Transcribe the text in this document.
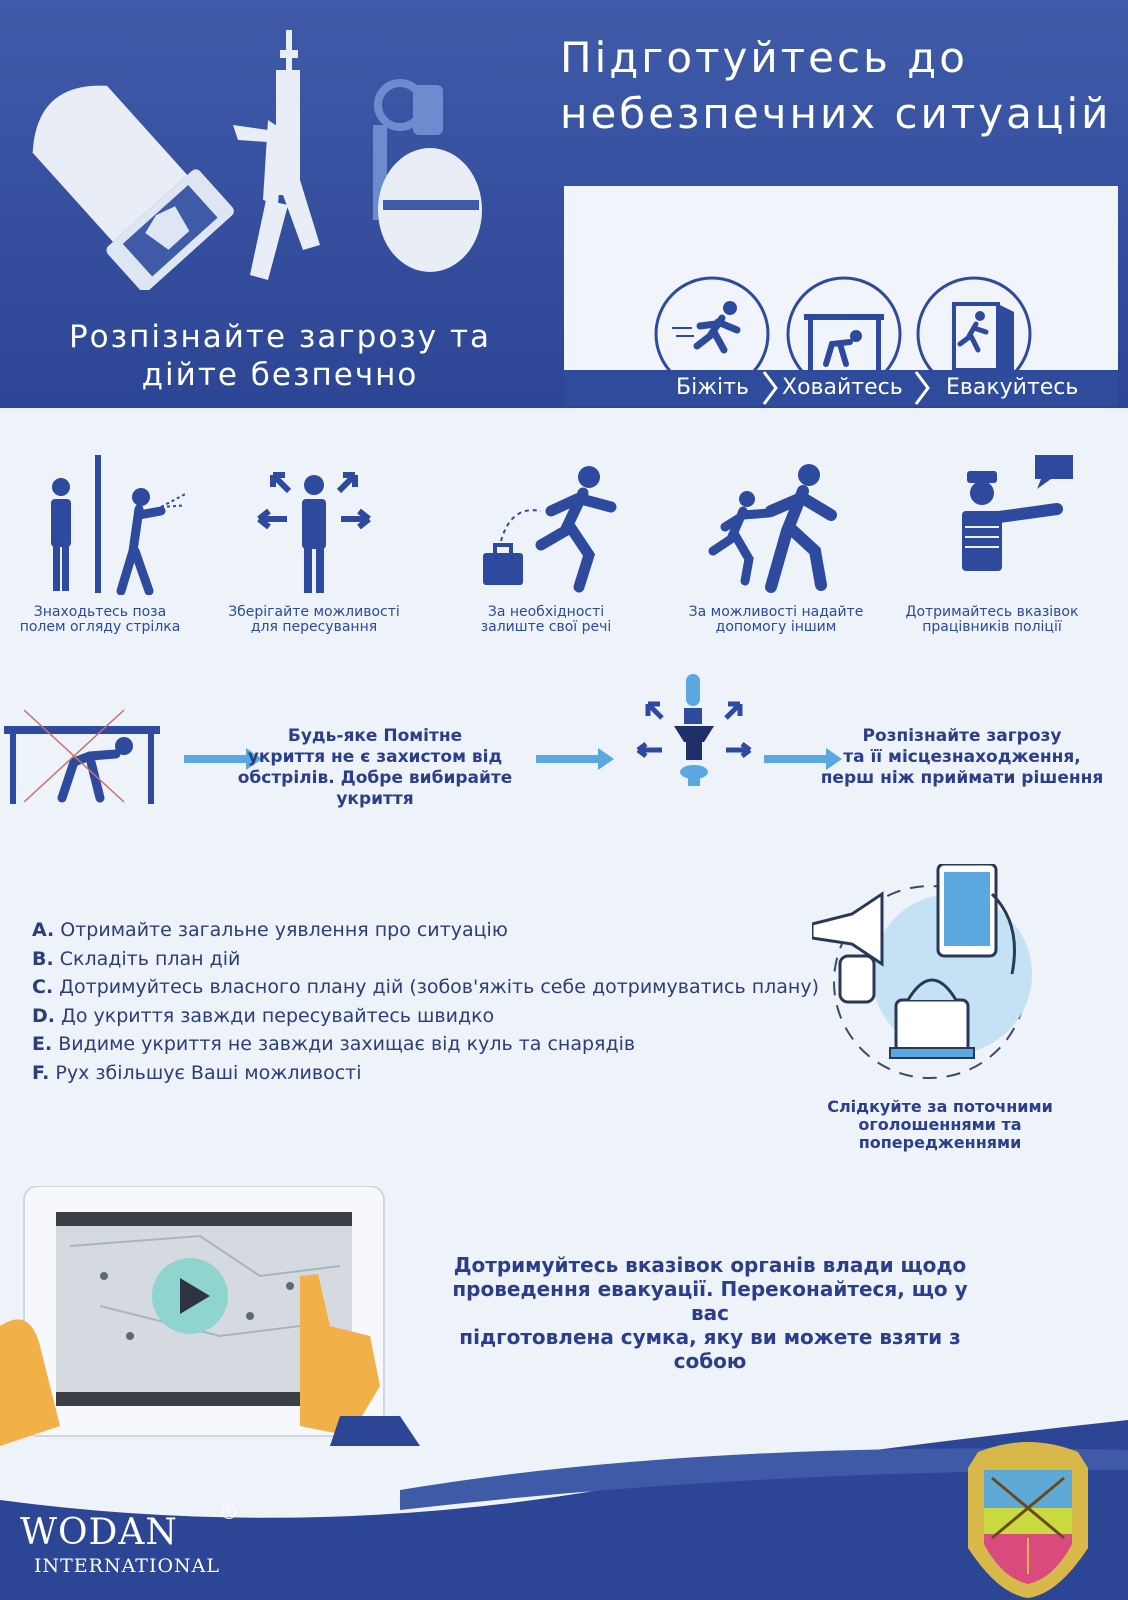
Розпізнайте загрозу та
дійте безпечно
Підготуйтесь до
небезпечних ситуацій
Біжіть Ховайтесь Евакуйтесь
Знаходьтесь поза
полем огляду стрілка
Зберігайте можливості
для пересування
За необхідності
залиште свої речі
За можливості надайте
допомогу іншим
Дотримайтесь вказівок
працівників поліції
Будь-яке Помітне
укриття не є захистом від
обстрілів. Добре вибирайте укриття
Розпізнайте загрозу
та її місцезнаходження,
перш ніж приймати рішення
A. Отримайте загальне уявлення про ситуацію
B. Складіть план дій
C. Дотримуйтесь власного плану дій (зобов'яжіть себе дотримуватись плану)
D. До укриття завжди пересувайтесь швидко
E. Видиме укриття не завжди захищає від куль та снарядів
F. Рух збільшує Ваші можливості
Слідкуйте за поточними
оголошеннями та
попередженнями
Дотримуйтесь вказівок органів влади щодо
проведення евакуації. Переконайтеся, що у вас
підготовлена сумка, яку ви можете взяти з собою
WODAN
INTERNATIONAL
R
